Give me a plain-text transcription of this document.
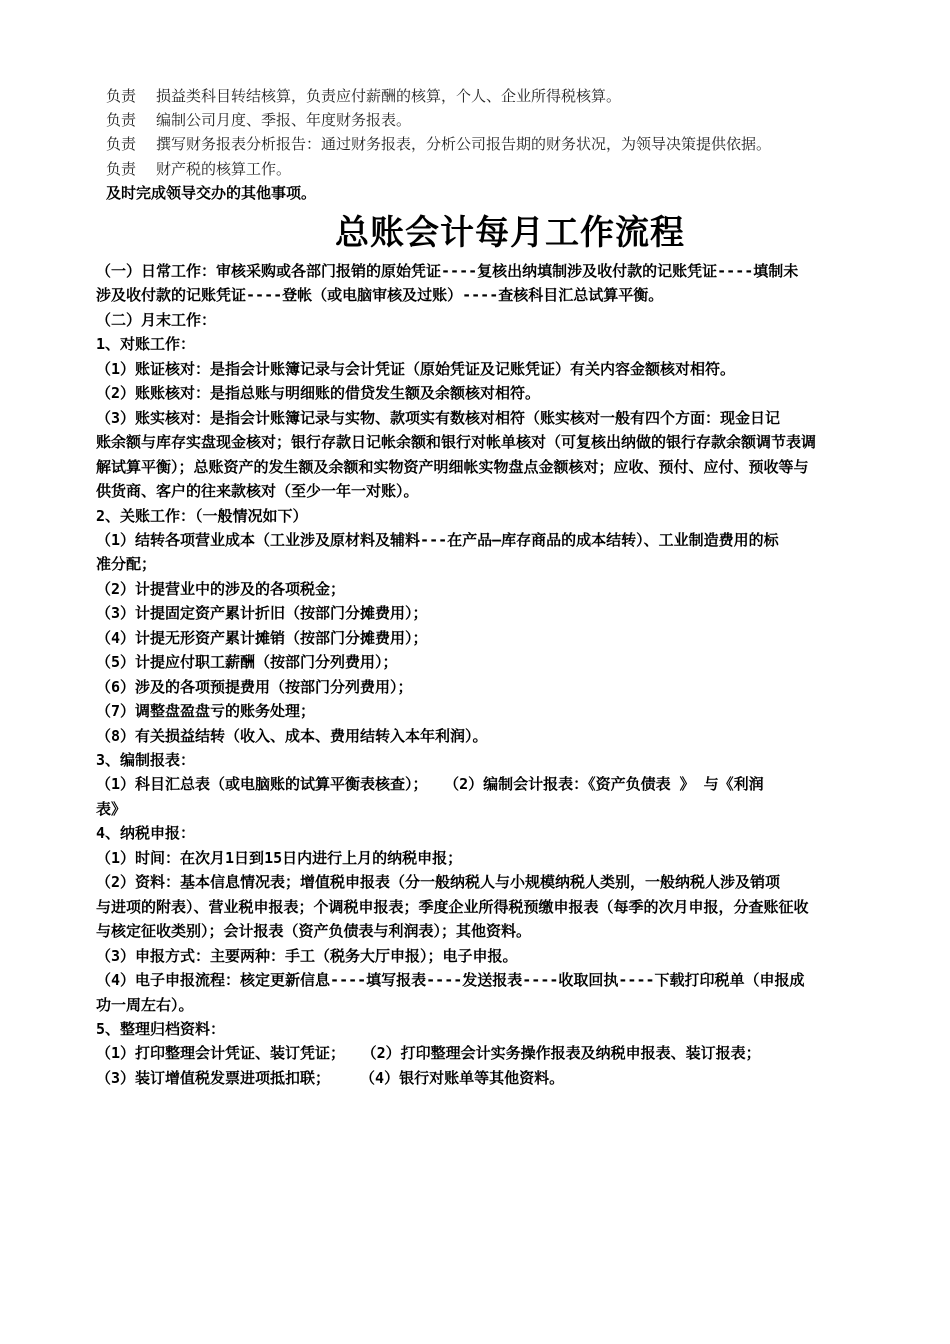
负责 损益类科目转结核算，负责应付薪酬的核算，个人、企业所得税核算。
负责 编制公司月度、季报、年度财务报表。
负责 撰写财务报表分析报告：通过财务报表，分析公司报告期的财务状况，为领导决策提供依据。
负责 财产税的核算工作。
及时完成领导交办的其他事项。
总账会计每月工作流程
（一）日常工作：审核采购或各部门报销的原始凭证----复核出纳填制涉及收付款的记账凭证----填制未
涉及收付款的记账凭证----登帐（或电脑审核及过账）----查核科目汇总试算平衡。
（二）月末工作：
1、对账工作：
（1）账证核对：是指会计账簿记录与会计凭证（原始凭证及记账凭证）有关内容金额核对相符。
（2）账账核对：是指总账与明细账的借贷发生额及余额核对相符。
（3）账实核对：是指会计账簿记录与实物、款项实有数核对相符（账实核对一般有四个方面：现金日记
账余额与库存实盘现金核对；银行存款日记帐余额和银行对帐单核对（可复核出纳做的银行存款余额调节表调
解试算平衡）；总账资产的发生额及余额和实物资产明细帐实物盘点金额核对；应收、预付、应付、预收等与
供货商、客户的往来款核对（至少一年一对账）。
2、关账工作：（一般情况如下）
（1）结转各项营业成本（工业涉及原材料及辅料---在产品—库存商品的成本结转）、工业制造费用的标
准分配；
（2）计提营业中的涉及的各项税金；
（3）计提固定资产累计折旧（按部门分摊费用）；
（4）计提无形资产累计摊销（按部门分摊费用）；
（5）计提应付职工薪酬（按部门分列费用）；
（6）涉及的各项预提费用（按部门分列费用）；
（7）调整盘盈盘亏的账务处理；
（8）有关损益结转（收入、成本、费用结转入本年利润）。
3、编制报表：
（1）科目汇总表（或电脑账的试算平衡表核查）；　 （2）编制会计报表：《资产负债表 》 与《利润
表》
4、纳税申报：
（1）时间：在次月1日到15日内进行上月的纳税申报；
（2）资料：基本信息情况表；增值税申报表（分一般纳税人与小规模纳税人类别，一般纳税人涉及销项
与进项的附表）、营业税申报表；个调税申报表；季度企业所得税预缴申报表（每季的次月申报，分查账征收
与核定征收类别）；会计报表（资产负债表与利润表）；其他资料。
（3）申报方式：主要两种：手工（税务大厅申报）；电子申报。
（4）电子申报流程：核定更新信息----填写报表----发送报表----收取回执----下载打印税单（申报成
功一周左右）。
5、整理归档资料：
（1）打印整理会计凭证、装订凭证；　 （2）打印整理会计实务操作报表及纳税申报表、装订报表；
（3）装订增值税发票进项抵扣联；　　　（4）银行对账单等其他资料。
